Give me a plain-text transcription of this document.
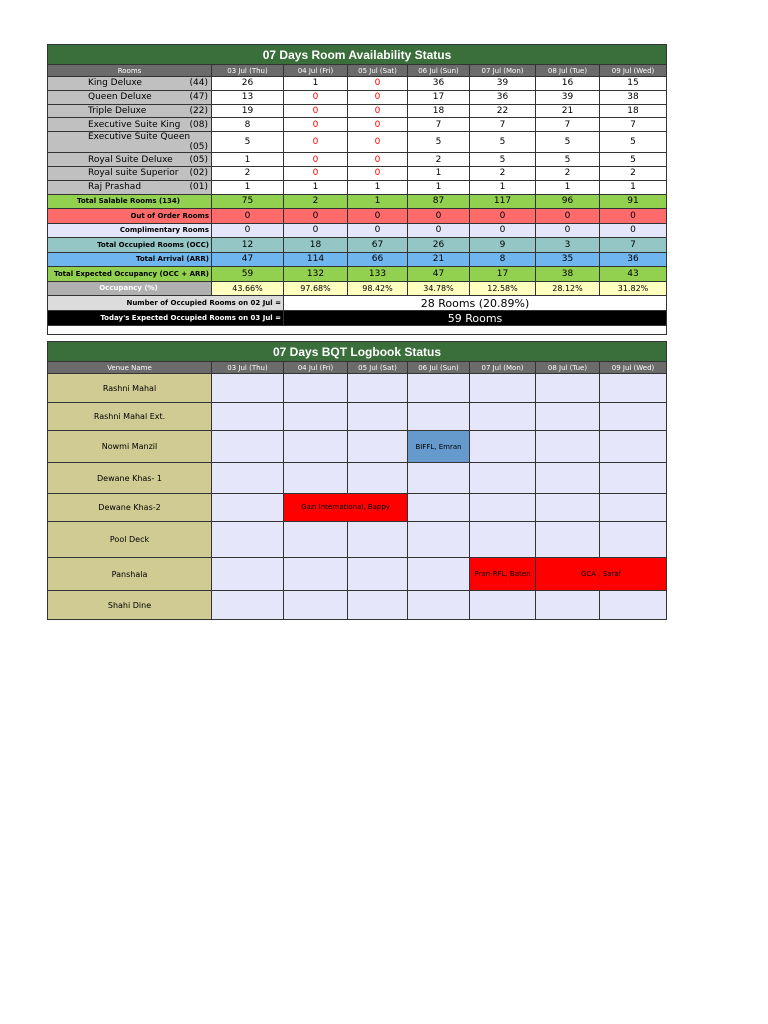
07 Days Room Availability Status							
Rooms	03 Jul (Thu)	04 Jul (Fri)	05 Jul (Sat)	06 Jul (Sun)	07 Jul (Mon)	08 Jul (Tue)	09 Jul (Wed)

King Deluxe (44)	26	1	0	36	39	16	15

Queen Deluxe (47)	13	0	0	17	36	39	38

Triple Deluxe (22)	19	0	0	18	22	21	18

Executive Suite King (08)	8	0	0	7	7	7	7

Executive Suite Queen
(05)	5	0	0	5	5	5	5

Royal Suite Deluxe (05)	1	0	0	2	5	5	5

Royal suite Superior (02)	2	0	0	1	2	2	2

Raj Prashad (01)	1	1	1	1	1	1	1
Total Salable Rooms (134)	75	2	1	87	117	96	91
Out of Order Rooms	0	0	0	0	0	0	0
Complimentary Rooms	0	0	0	0	0	0	0
Total Occupied Rooms (OCC)	12	18	67	26	9	3	7
Total Arrival (ARR)	47	114	66	21	8	35	36
Total Expected Occupancy (OCC + ARR)	59	132	133	47	17	38	43
Occupancy (%)	43.66%	97.68%	98.42%	34.78%	12.58%	28.12%	31.82%
Number of Occupied Rooms on 02 Jul =		28 Rooms (20.89%)					
Today's Expected Occupied Rooms on 03 Jul =		59 Rooms					

07 Days BQT Logbook Status							
Venue Name	03 Jul (Thu)	04 Jul (Fri)	05 Jul (Sat)	06 Jul (Sun)	07 Jul (Mon)	08 Jul (Tue)	09 Jul (Wed)
Rashni Mahal							
Rashni Mahal Ext.							
Nowmi Manzil				BIFFL, Emran			
Dewane Khas- 1							
Dewane Khas-2		Gazi International, Bappy					
Pool Deck							
Panshala					Pran-RFL, Baten	GCA , Saraf	
Shahi Dine							
